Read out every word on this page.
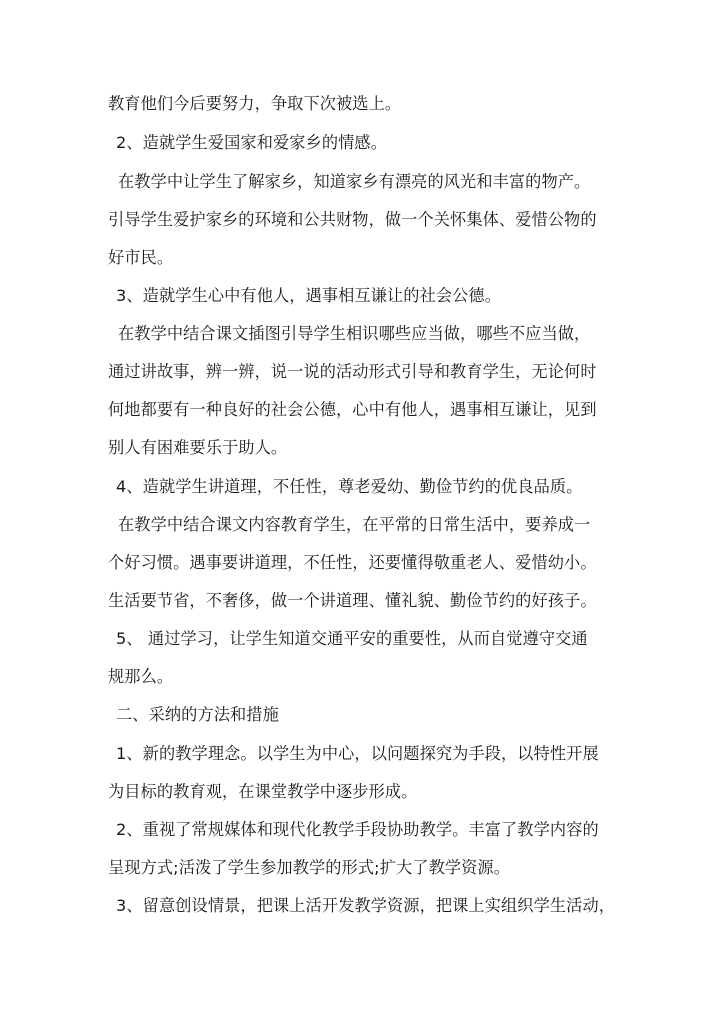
教育他们今后要努力，争取下次被选上。
2、造就学生爱国家和爱家乡的情感。
在教学中让学生了解家乡，知道家乡有漂亮的风光和丰富的物产。
引导学生爱护家乡的环境和公共财物，做一个关怀集体、爱惜公物的
好市民。
3、造就学生心中有他人，遇事相互谦让的社会公德。
在教学中结合课文插图引导学生相识哪些应当做，哪些不应当做，
通过讲故事，辨一辨，说一说的活动形式引导和教育学生，无论何时
何地都要有一种良好的社会公德，心中有他人，遇事相互谦让，见到
别人有困难要乐于助人。
4、造就学生讲道理，不任性，尊老爱幼、勤俭节约的优良品质。
在教学中结合课文内容教育学生，在平常的日常生活中，要养成一
个好习惯。遇事要讲道理，不任性，还要懂得敬重老人、爱惜幼小。
生活要节省，不奢侈，做一个讲道理、懂礼貌、勤俭节约的好孩子。
5、 通过学习，让学生知道交通平安的重要性，从而自觉遵守交通
规那么。
二、采纳的方法和措施
1、新的教学理念。以学生为中心，以问题探究为手段，以特性开展
为目标的教育观，在课堂教学中逐步形成。
2、重视了常规媒体和现代化教学手段协助教学。丰富了教学内容的
呈现方式;活泼了学生参加教学的形式;扩大了教学资源。
3、留意创设情景，把课上活开发教学资源，把课上实组织学生活动，
